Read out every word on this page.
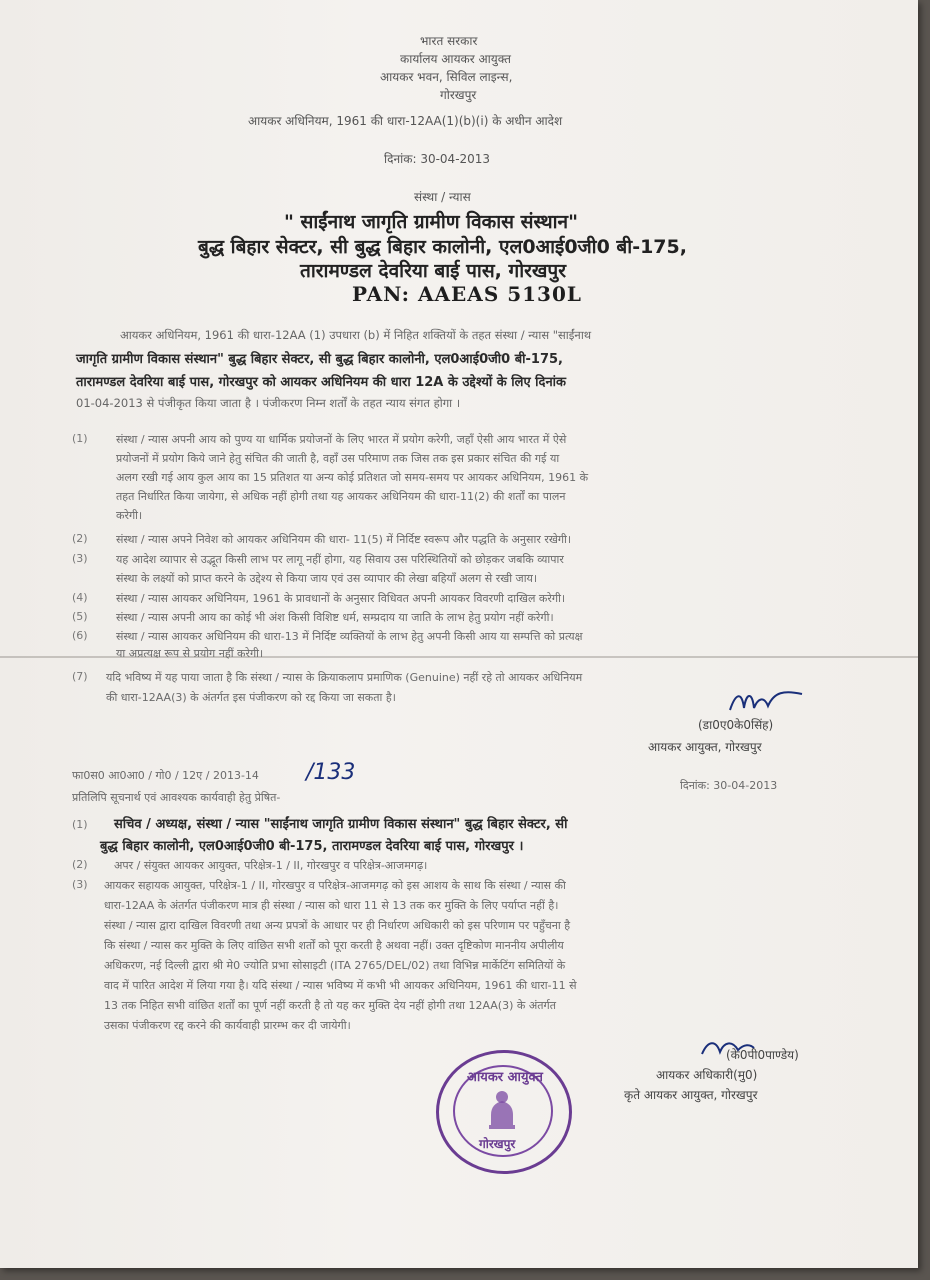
भारत सरकार
कार्यालय आयकर आयुक्त
आयकर भवन, सिविल लाइन्स,
गोरखपुर
आयकर अधिनियम, 1961 की धारा-12AA(1)(b)(i) के अधीन आदेश
दिनांक: 30-04-2013
संस्था / न्यास
" साईंनाथ जागृति ग्रामीण विकास संस्थान"
बुद्ध बिहार सेक्टर, सी बुद्ध बिहार कालोनी, एल0आई0जी0 बी-175,
तारामण्डल देवरिया बाई पास, गोरखपुर
PAN: AAEAS 5130L
आयकर अधिनियम, 1961 की धारा-12AA (1) उपधारा (b) में निहित शक्तियों के तहत संस्था / न्यास "साईंनाथ
जागृति ग्रामीण विकास संस्थान" बुद्ध बिहार सेक्टर, सी बुद्ध बिहार कालोनी, एल0आई0जी0 बी-175,
तारामण्डल देवरिया बाई पास, गोरखपुर को आयकर अधिनियम की धारा 12A के उद्देश्यों के लिए दिनांक
01-04-2013 से पंजीकृत किया जाता है । पंजीकरण निम्न शर्तों के तहत न्याय संगत होगा ।
(1)	संस्था / न्यास अपनी आय को पुण्य या धार्मिक प्रयोजनों के लिए भारत में प्रयोग करेगी, जहाँ ऐसी आय भारत में ऐसे
प्रयोजनों में प्रयोग किये जाने हेतु संचित की जाती है, वहाँ उस परिमाण तक जिस तक इस प्रकार संचित की गई या
अलग रखी गई आय कुल आय का 15 प्रतिशत या अन्य कोई प्रतिशत जो समय-समय पर आयकर अधिनियम, 1961 के
तहत निर्धारित किया जायेगा, से अधिक नहीं होगी तथा यह आयकर अधिनियम की धारा-11(2) की शर्तों का पालन
करेगी।
(2)	संस्था / न्यास अपने निवेश को आयकर अधिनियम की धारा- 11(5) में निर्दिष्ट स्वरूप और पद्धति के अनुसार रखेगी।
(3)	यह आदेश व्यापार से उद्भूत किसी लाभ पर लागू नहीं होगा, यह सिवाय उस परिस्थितियों को छोड़कर जबकि व्यापार
संस्था के लक्ष्यों को प्राप्त करने के उद्देश्य से किया जाय एवं उस व्यापार की लेखा बहियाँ अलग से रखी जाय।
(4)	संस्था / न्यास आयकर अधिनियम, 1961 के प्रावधानों के अनुसार विधिवत अपनी आयकर विवरणी दाखिल करेगी।
(5)	संस्था / न्यास अपनी आय का कोई भी अंश किसी विशिष्ट धर्म, सम्प्रदाय या जाति के लाभ हेतु प्रयोग नहीं करेगी।
(6)	संस्था / न्यास आयकर अधिनियम की धारा-13 में निर्दिष्ट व्यक्तियों के लाभ हेतु अपनी किसी आय या सम्पत्ति को प्रत्यक्ष
या अप्रत्यक्ष रूप से प्रयोग नहीं करेगी।
(7) यदि भविष्य में यह पाया जाता है कि संस्था / न्यास के क्रियाकलाप प्रमाणिक (Genuine) नहीं रहे तो आयकर अधिनियम
की धारा-12AA(3) के अंतर्गत इस पंजीकरण को रद्द किया जा सकता है।
(डा0ए0के0सिंह)
आयकर आयुक्त, गोरखपुर
फा0स0 आ0आ0 / गो0 / 12ए / 2013-14 /133
दिनांक: 30-04-2013
प्रतिलिपि सूचनार्थ एवं आवश्यक कार्यवाही हेतु प्रेषित-
(1) सचिव / अध्यक्ष, संस्था / न्यास "साईंनाथ जागृति ग्रामीण विकास संस्थान" बुद्ध बिहार सेक्टर, सी
बुद्ध बिहार कालोनी, एल0आई0जी0 बी-175, तारामण्डल देवरिया बाई पास, गोरखपुर ।
(2) अपर / संयुक्त आयकर आयुक्त, परिक्षेत्र-1 / II, गोरखपुर व परिक्षेत्र-आजमगढ़।
(3) आयकर सहायक आयुक्त, परिक्षेत्र-1 / II, गोरखपुर व परिक्षेत्र-आजमगढ़ को इस आशय के साथ कि संस्था / न्यास की
धारा-12AA के अंतर्गत पंजीकरण मात्र ही संस्था / न्यास को धारा 11 से 13 तक कर मुक्ति के लिए पर्याप्त नहीं है।
संस्था / न्यास द्वारा दाखिल विवरणी तथा अन्य प्रपत्रों के आधार पर ही निर्धारण अधिकारी को इस परिणाम पर पहुँचना है
कि संस्था / न्यास कर मुक्ति के लिए वांछित सभी शर्तों को पूरा करती है अथवा नहीं। उक्त दृष्टिकोण माननीय अपीलीय
अधिकरण, नई दिल्ली द्वारा श्री मे0 ज्योति प्रभा सोसाइटी (ITA 2765/DEL/02) तथा विभिन्न मार्केटिंग समितियों के
वाद में पारित आदेश में लिया गया है। यदि संस्था / न्यास भविष्य में कभी भी आयकर अधिनियम, 1961 की धारा-11 से
13 तक निहित सभी वांछित शर्तों का पूर्ण नहीं करती है तो यह कर मुक्ति देय नहीं होगी तथा 12AA(3) के अंतर्गत
उसका पंजीकरण रद्द करने की कार्यवाही प्रारम्भ कर दी जायेगी।
(के0पी0पाण्डेय)
आयकर अधिकारी(मु0)
कृते आयकर आयुक्त, गोरखपुर
आयकर आयुक्त
गोरखपुर
